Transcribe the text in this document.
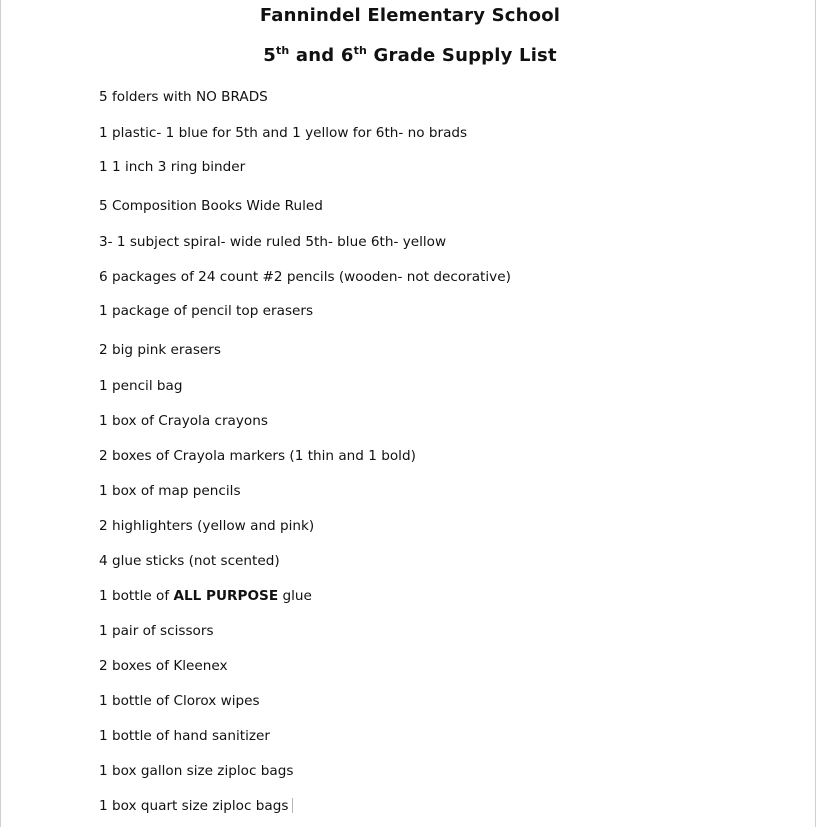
Fannindel Elementary School
5th and 6th Grade Supply List
5 folders with NO BRADS
1 plastic- 1 blue for 5th and 1 yellow for 6th- no brads
1 1 inch 3 ring binder
5 Composition Books Wide Ruled
3- 1 subject spiral- wide ruled 5th- blue 6th- yellow
6 packages of 24 count #2 pencils (wooden- not decorative)
1 package of pencil top erasers
2 big pink erasers
1 pencil bag
1 box of Crayola crayons
2 boxes of Crayola markers (1 thin and 1 bold)
1 box of map pencils
2 highlighters (yellow and pink)
4 glue sticks (not scented)
1 bottle of ALL PURPOSE glue
1 pair of scissors
2 boxes of Kleenex
1 bottle of Clorox wipes
1 bottle of hand sanitizer
1 box gallon size ziploc bags
1 box quart size ziploc bags
